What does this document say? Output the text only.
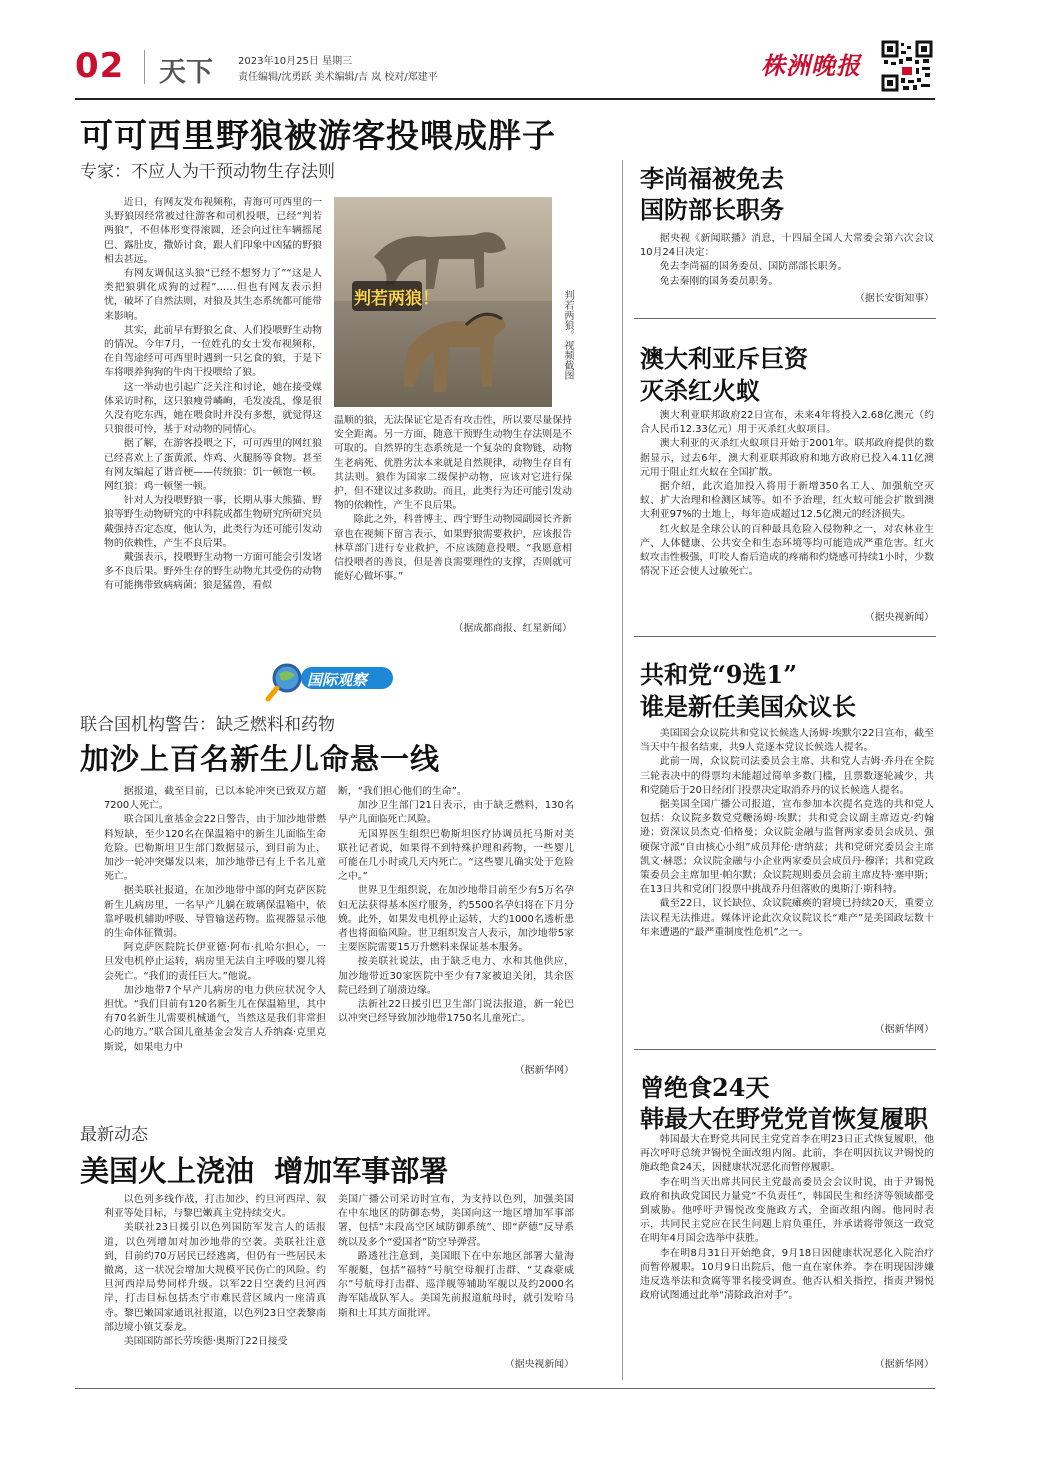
02 天下	2023年10月25日 星期三
责任编辑/沈勇跃 美术编辑/吉 岚 校对/郑建平	株洲晚报
可可西里野狼被游客投喂成胖子
专家：不应人为干预动物生存法则

近日，有网友发布视频称，青海可可西里的一头野狼因经常被过往游客和司机投喂，已经“判若两狼”，不但体形变得滚圆，还会向过往车辆摇尾巴、露肚皮，撒娇讨食，跟人们印象中凶猛的野狼相去甚远。

有网友调侃这头狼“已经不想努力了”“这是人类把狼驯化成狗的过程”……但也有网友表示担忧，破坏了自然法则，对狼及其生态系统都可能带来影响。

其实，此前早有野狼乞食、人们投喂野生动物的情况。今年7月，一位姓孔的女士发布视频称，在自驾途经可可西里时遇到一只乞食的狼，于是下车将喂养狗狗的牛肉干投喂给了狼。

这一举动也引起广泛关注和讨论，她在接受媒体采访时称，这只狼瘦骨嶙峋，毛发凌乱，像是很久没有吃东西，她在喂食时并没有多想，就觉得这只狼很可怜，基于对动物的同情心。

据了解，在游客投喂之下，可可西里的网红狼已经喜欢上了蛋黄派、炸鸡、火腿肠等食物。甚至有网友编起了谐音梗——传统狼：饥一顿饱一顿。网红狼：鸡一顿堡一顿。

针对人为投喂野狼一事，长期从事大熊猫、野狼等野生动物研究的中科院成都生物研究所研究员戴强持否定态度，他认为，此类行为还可能引发动物的依赖性，产生不良后果。

戴强表示，投喂野生动物一方面可能会引发诸多不良后果。野外生存的野生动物尤其受伤的动物有可能携带致病病菌；狼是猛兽，看似

判若两狼！	判若两狼。视频截图

温顺的狼，无法保证它是否有攻击性，所以要尽量保持安全距离。另一方面，随意干预野生动物生存法则是不可取的。自然界的生态系统是一个复杂的食物链，动物生老病死、优胜劣汰本来就是自然规律，动物生存自有其法则。狼作为国家二级保护动物，应该对它进行保护，但不建议过多救助。而且，此类行为还可能引发动物的依赖性，产生不良后果。

除此之外，科普博主、西宁野生动物园副园长齐新章也在视频下留言表示，如果野狼需要救护，应该报告林草部门进行专业救护，不应该随意投喂。“我愿意相信投喂者的善良，但是善良需要理性的支撑，否则就可能好心做坏事。”

（据成都商报、红星新闻）
国际观察
联合国机构警告：缺乏燃料和药物
加沙上百名新生儿命悬一线

据报道，截至目前，已以本轮冲突已致双方超7200人死亡。

联合国儿童基金会22日警告，由于加沙地带燃料短缺，至少120名在保温箱中的新生儿面临生命危险。巴勒斯坦卫生部门数据显示，到目前为止，加沙一轮冲突爆发以来，加沙地带已有上千名儿童死亡。

据美联社报道，在加沙地带中部的阿克萨医院新生儿病房里，一名早产儿躺在玻璃保温箱中，依靠呼吸机辅助呼吸、导管输送药物。监视器显示他的生命体征微弱。

阿克萨医院院长伊亚德·阿布·扎哈尔担心，一旦发电机停止运转，病房里无法自主呼吸的婴儿将会死亡。“我们的责任巨大。”他说。

加沙地带7个早产儿病房的电力供应状况令人担忧。“我们目前有120名新生儿在保温箱里，其中有70名新生儿需要机械通气，当然这是我们非常担心的地方。”联合国儿童基金会发言人乔纳森·克里克斯说，如果电力中

断，“我们担心他们的生命”。

加沙卫生部门21日表示，由于缺乏燃料，130名早产儿面临死亡风险。

无国界医生组织巴勒斯坦医疗协调员托马斯对美联社记者说，如果得不到特殊护理和药物，一些婴儿可能在几小时或几天内死亡。“这些婴儿确实处于危险之中。”

世界卫生组织说，在加沙地带目前至少有5万名孕妇无法获得基本医疗服务，约5500名孕妇将在下月分娩。此外，如果发电机停止运转，大约1000名透析患者也将面临风险。世卫组织发言人表示，加沙地带5家主要医院需要15万升燃料来保证基本服务。

按美联社说法，由于缺乏电力、水和其他供应，加沙地带近30家医院中至少有7家被迫关闭，其余医院已经到了崩溃边缘。

法新社22日援引巴卫生部门说法报道，新一轮巴以冲突已经导致加沙地带1750名儿童死亡。

（据新华网）
最新动态
美国火上浇油  增加军事部署

以色列多线作战，打击加沙、约旦河西岸、叙利亚等处目标，与黎巴嫩真主党持续交火。

美联社23日援引以色列国防军发言人的话报道，以色列增加对加沙地带的空袭。美联社注意到，目前约70万居民已经逃离，但仍有一些居民未撤离，这一状况会增加大规模平民伤亡的风险。约旦河西岸局势同样升级。以军22日空袭约旦河西岸，打击目标包括杰宁市难民营区域内一座清真寺。黎巴嫩国家通讯社报道，以色列23日空袭黎南部边境小镇艾泰龙。

美国国防部长劳埃德·奥斯汀22日接受

美国广播公司采访时宣布，为支持以色列，加强美国在中东地区的防御态势，美国向这一地区增加军事部署，包括“末段高空区域防御系统”、即“萨德”反导系统以及多个“爱国者”防空导弹营。

路透社注意到，美国眼下在中东地区部署大量海军舰艇，包括“福特”号航空母舰打击群、“艾森豪威尔”号航母打击群、巡洋舰等辅助军舰以及约2000名海军陆战队军人。美国先前报道航母时，就引发哈马斯和土耳其方面批评。

（据央视新闻）
李尚福被免去
国防部长职务

据央视《新闻联播》消息，十四届全国人大常委会第六次会议10月24日决定：

免去李尚福的国务委员、国防部部长职务。

免去秦刚的国务委员职务。

（据长安街知事）
澳大利亚斥巨资
灭杀红火蚁

澳大利亚联邦政府22日宣布，未来4年将投入2.68亿澳元（约合人民币12.33亿元）用于灭杀红火蚁项目。

澳大利亚的灭杀红火蚁项目开始于2001年。联邦政府提供的数据显示，过去6年，澳大利亚联邦政府和地方政府已投入4.11亿澳元用于阻止红火蚁在全国扩散。

据介绍，此次追加投入将用于新增350名工人、加强航空灭蚁、扩大治理和检测区域等。如不予治理，红火蚁可能会扩散到澳大利亚97%的土地上，每年造成超过12.5亿澳元的经济损失。

红火蚁是全球公认的百种最具危险入侵物种之一，对农林业生产、人体健康、公共安全和生态环境等均可能造成严重危害。红火蚁攻击性极强，叮咬人畜后造成的疼痛和灼烧感可持续1小时，少数情况下还会使人过敏死亡。

（据央视新闻）
共和党“9选1”
谁是新任美国众议长

美国国会众议院共和党议长候选人汤姆·埃默尔22日宣布，截至当天中午报名结束，共9人竞逐本党议长候选人提名。

此前一周，众议院司法委员会主席、共和党人吉姆·乔丹在全院三轮表决中的得票均未能超过简单多数门槛，且票数逐轮减少，共和党随后于20日经闭门投票决定取消乔丹的议长候选人提名。

据美国全国广播公司报道，宣布参加本次提名竞选的共和党人包括：众议院多数党党鞭汤姆·埃默；共和党会议副主席迈克·约翰逊；资深议员杰克·伯格曼；众议院金融与监督两家委员会成员、强硬保守派“自由核心小组”成员拜伦·唐纳兹；共和党研究委员会主席凯文·赫恩；众议院金融与小企业两家委员会成员丹·穆泽；共和党政策委员会主席加里·帕尔默；众议院规则委员会前主席皮特·塞申斯；在13日共和党闭门投票中挑战乔丹但落败的奥斯汀·斯科特。

截至22日，议长缺位、众议院瘫痪的窘境已持续20天，重要立法议程无法推进。媒体评论此次众议院议长“难产”是美国政坛数十年来遭遇的“最严重制度性危机”之一。

（据新华网）
曾绝食24天
韩最大在野党党首恢复履职

韩国最大在野党共同民主党党首李在明23日正式恢复履职，他再次呼吁总统尹锡悦全面改组内阁。此前，李在明因抗议尹锡悦的施政绝食24天，因健康状况恶化而暂停履职。

李在明当天出席共同民主党最高委员会会议时说，由于尹锡悦政府和执政党国民力量党“不负责任”，韩国民生和经济等领域都受到威胁。他呼吁尹锡悦改变施政方式，全面改组内阁。他同时表示，共同民主党应在民生问题上肩负重任，并承诺将带领这一政党在明年4月国会选举中获胜。

李在明8月31日开始绝食，9月18日因健康状况恶化入院治疗而暂停履职。10月9日出院后，他一直在家休养。李在明现因涉嫌违反选举法和贪腐等罪名接受调查。他否认相关指控，指责尹锡悦政府试图通过此举“清除政治对手”。

（据新华网）
